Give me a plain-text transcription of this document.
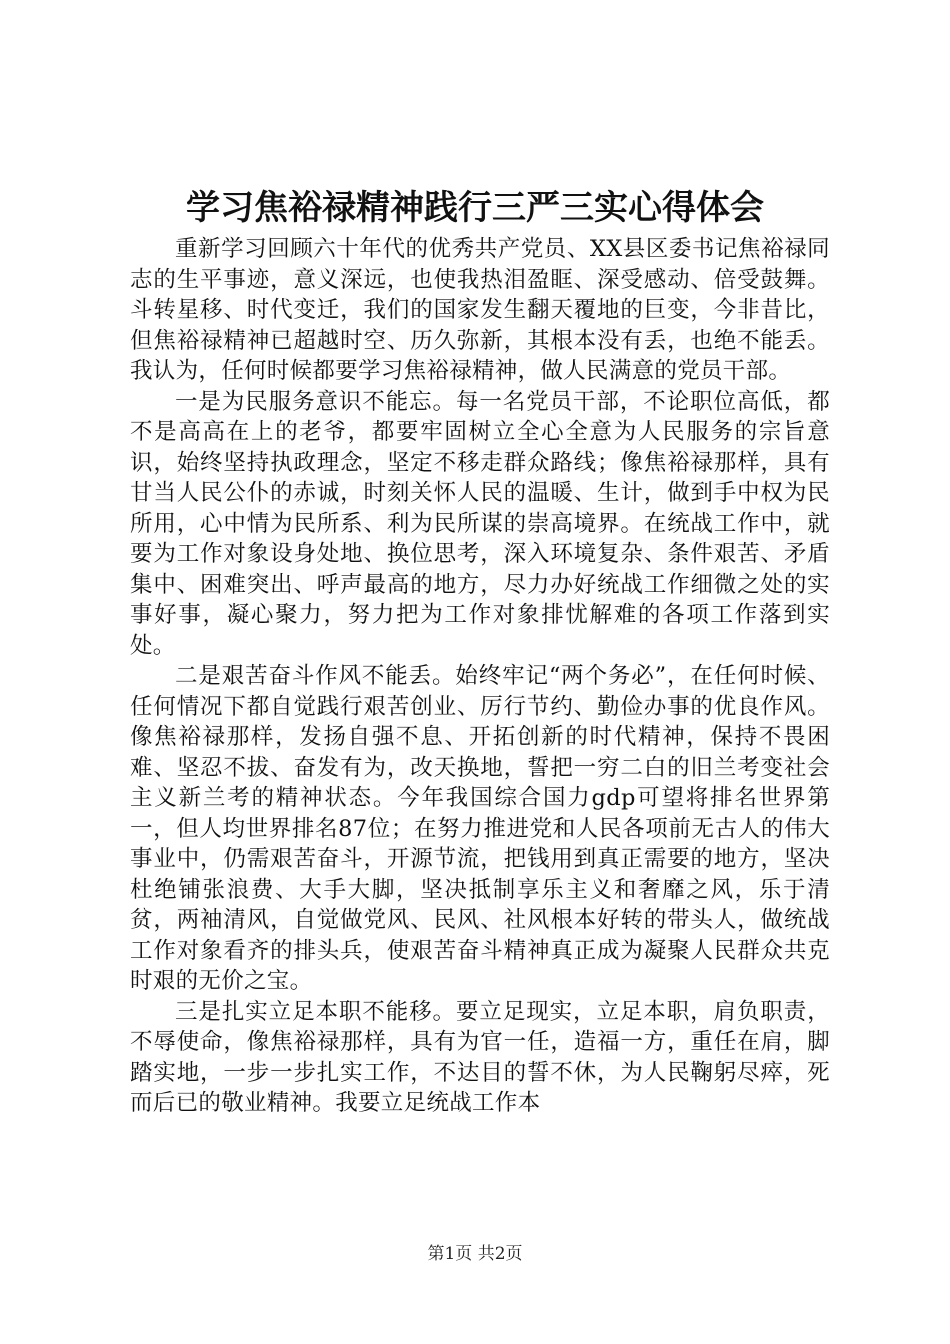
学习焦裕禄精神践行三严三实心得体会

重新学习回顾六十年代的优秀共产党员、XX县区委书记焦裕禄同志的生平事迹，意义深远，也使我热泪盈眶、深受感动、倍受鼓舞。斗转星移、时代变迁，我们的国家发生翻天覆地的巨变，今非昔比，但焦裕禄精神已超越时空、历久弥新，其根本没有丢，也绝不能丢。我认为，任何时候都要学习焦裕禄精神，做人民满意的党员干部。

一是为民服务意识不能忘。每一名党员干部，不论职位高低，都不是高高在上的老爷，都要牢固树立全心全意为人民服务的宗旨意识，始终坚持执政理念，坚定不移走群众路线；像焦裕禄那样，具有甘当人民公仆的赤诚，时刻关怀人民的温暖、生计，做到手中权为民所用，心中情为民所系、利为民所谋的崇高境界。在统战工作中，就要为工作对象设身处地、换位思考，深入环境复杂、条件艰苦、矛盾集中、困难突出、呼声最高的地方，尽力办好统战工作细微之处的实事好事，凝心聚力，努力把为工作对象排忧解难的各项工作落到实处。

二是艰苦奋斗作风不能丢。始终牢记“两个务必”，在任何时候、任何情况下都自觉践行艰苦创业、厉行节约、勤俭办事的优良作风。像焦裕禄那样，发扬自强不息、开拓创新的时代精神，保持不畏困难、坚忍不拔、奋发有为，改天换地，誓把一穷二白的旧兰考变社会主义新兰考的精神状态。今年我国综合国力gdp可望将排名世界第一，但人均世界排名87位；在努力推进党和人民各项前无古人的伟大事业中，仍需艰苦奋斗，开源节流，把钱用到真正需要的地方，坚决杜绝铺张浪费、大手大脚，坚决抵制享乐主义和奢靡之风，乐于清贫，两袖清风，自觉做党风、民风、社风根本好转的带头人，做统战工作对象看齐的排头兵，使艰苦奋斗精神真正成为凝聚人民群众共克时艰的无价之宝。

三是扎实立足本职不能移。要立足现实，立足本职，肩负职责，不辱使命，像焦裕禄那样，具有为官一任，造福一方，重任在肩，脚踏实地，一步一步扎实工作，不达目的誓不休，为人民鞠躬尽瘁，死而后已的敬业精神。我要立足统战工作本

第1页 共2页
